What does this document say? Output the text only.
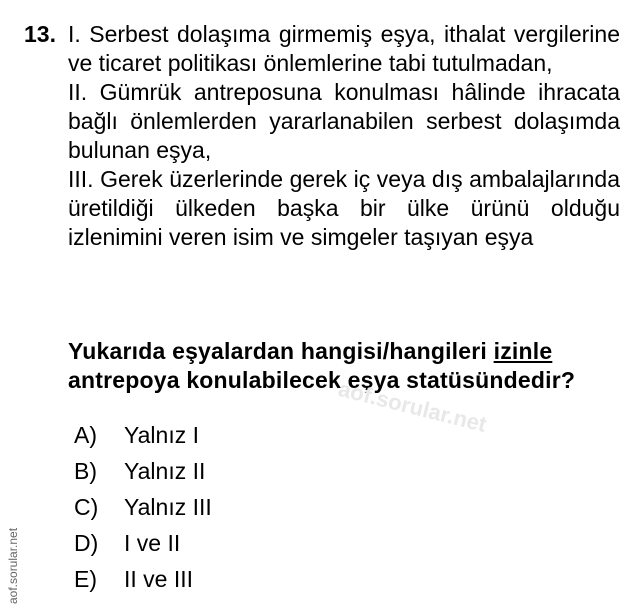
13. I. Serbest dolaşıma girmemiş eşya, ithalat vergilerine ve ticaret politikası önlemlerine tabi tutulmadan,

II. Gümrük antreposuna konulması hâlinde ihracata bağlı önlemlerden yararlanabilen serbest dolaşımda bulunan eşya,

III. Gerek üzerlerinde gerek iç veya dış ambalajlarında üretildiği ülkeden başka bir ülke ürünü olduğu izlenimini veren isim ve simgeler taşıyan eşya

Yukarıda eşyalardan hangisi/hangileri izinle antrepoya konulabilecek eşya statüsündedir?
A)	Yalnız I
B)	Yalnız II
C)	Yalnız III
D)	I ve II
E)	II ve III
aof.sorular.net
aof.sorular.net
